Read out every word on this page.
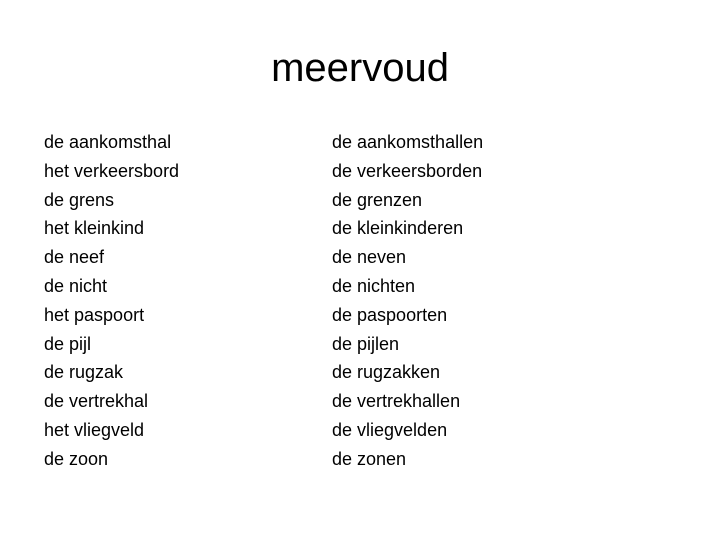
meervoud
de aankomsthal
het verkeersbord
de grens
het kleinkind
de neef
de nicht
het paspoort
de pijl
de rugzak
de vertrekhal
het vliegveld
de zoon
de aankomsthallen
de verkeersborden
de grenzen
de kleinkinderen
de neven
de nichten
de paspoorten
de pijlen
de rugzakken
de vertrekhallen
de vliegvelden
de zonen
